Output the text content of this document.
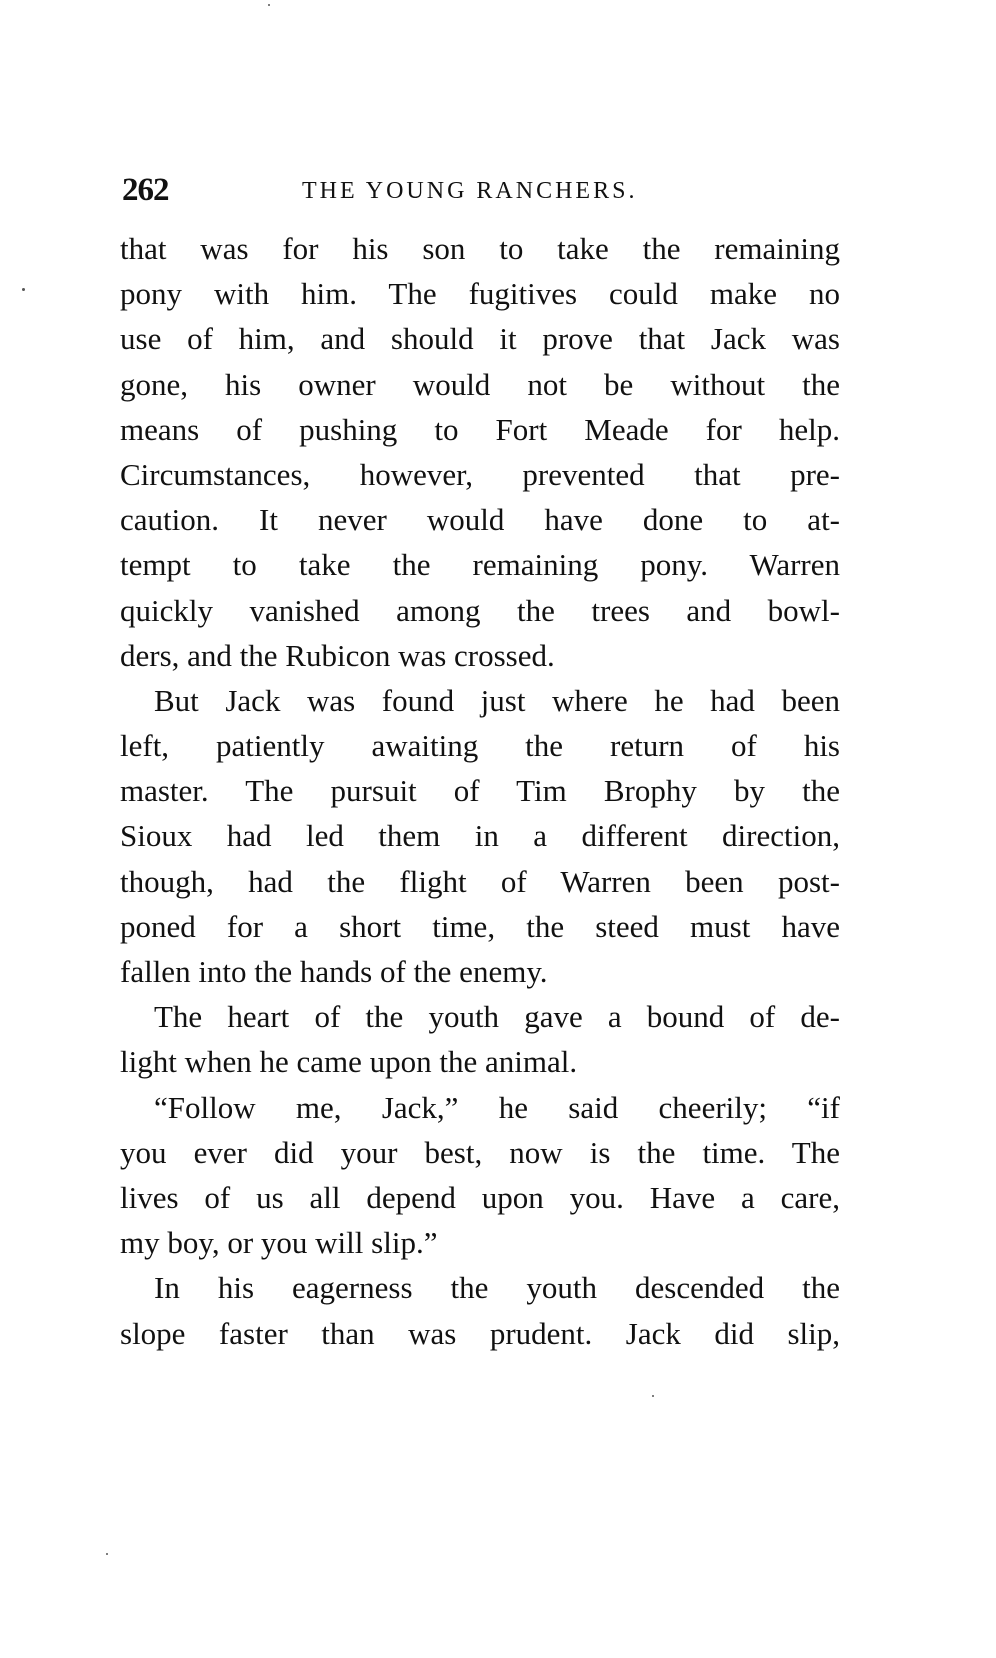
262	THE YOUNG RANCHERS.
that was for his son to take the remaining
pony with him. The fugitives could make no
use of him, and should it prove that Jack was
gone, his owner would not be without the
means of pushing to Fort Meade for help.
Circumstances, however, prevented that pre-
caution. It never would have done to at-
tempt to take the remaining pony. Warren
quickly vanished among the trees and bowl-
ders, and the Rubicon was crossed.
But Jack was found just where he had been
left, patiently awaiting the return of his
master. The pursuit of Tim Brophy by the
Sioux had led them in a different direction,
though, had the flight of Warren been post-
poned for a short time, the steed must have
fallen into the hands of the enemy.
The heart of the youth gave a bound of de-
light when he came upon the animal.
“Follow me, Jack,” he said cheerily; “if
you ever did your best, now is the time. The
lives of us all depend upon you. Have a care,
my boy, or you will slip.”
In his eagerness the youth descended the
slope faster than was prudent. Jack did slip,
